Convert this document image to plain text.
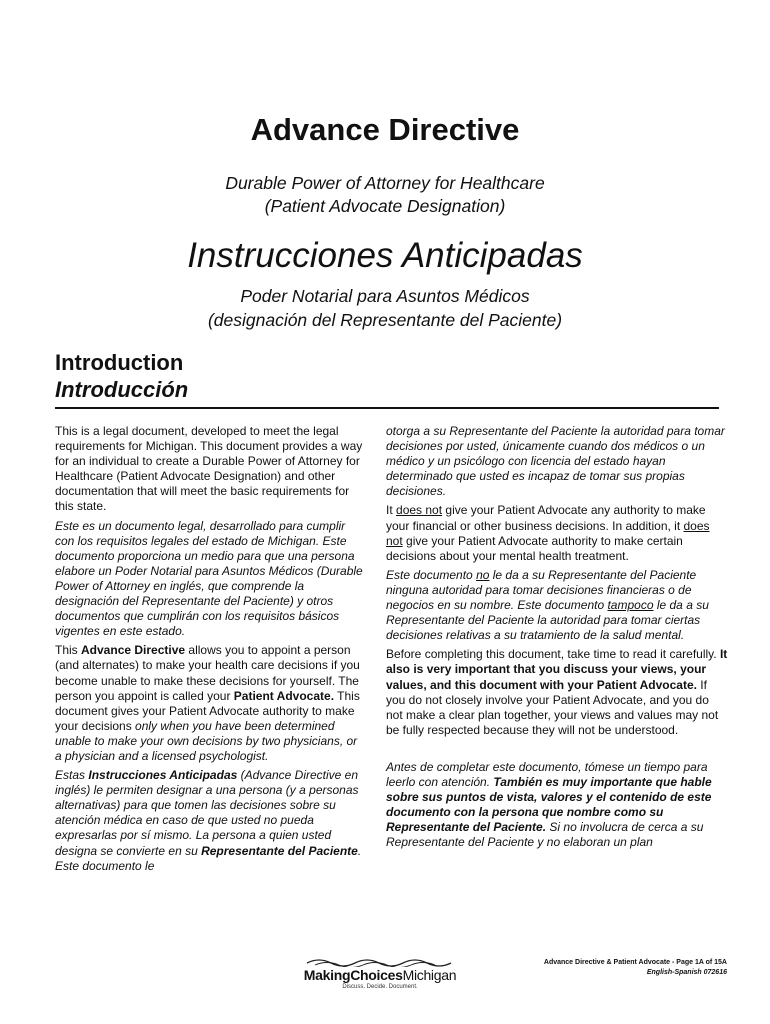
Advance Directive
Durable Power of Attorney for Healthcare
(Patient Advocate Designation)
Instrucciones Anticipadas
Poder Notarial para Asuntos Médicos
(designación del Representante del Paciente)
Introduction
Introducción

This is a legal document, developed to meet the legal requirements for Michigan. This document provides a way for an individual to create a Durable Power of Attorney for Healthcare (Patient Advocate Designation) and other documentation that will meet the basic requirements for this state.

Este es un documento legal, desarrollado para cumplir con los requisitos legales del estado de Michigan. Este documento proporciona un medio para que una persona elabore un Poder Notarial para Asuntos Médicos (Durable Power of Attorney en inglés, que comprende la designación del Representante del Paciente) y otros documentos que cumplirán con los requisitos básicos vigentes en este estado.

This Advance Directive allows you to appoint a person (and alternates) to make your health care decisions if you become unable to make these decisions for yourself. The person you appoint is called your Patient Advocate. This document gives your Patient Advocate authority to make your decisions only when you have been determined unable to make your own decisions by two physicians, or a physician and a licensed psychologist.

Estas Instrucciones Anticipadas (Advance Directive en inglés) le permiten designar a una persona (y a personas alternativas) para que tomen las decisiones sobre su atención médica en caso de que usted no pueda expresarlas por sí mismo. La persona a quien usted designa se convierte en su Representante del Paciente. Este documento le

otorga a su Representante del Paciente la autoridad para tomar decisiones por usted, únicamente cuando dos médicos o un médico y un psicólogo con licencia del estado hayan determinado que usted es incapaz de tomar sus propias decisiones.

It does not give your Patient Advocate any authority to make your financial or other business decisions. In addition, it does not give your Patient Advocate authority to make certain decisions about your mental health treatment.

Este documento no le da a su Representante del Paciente ninguna autoridad para tomar decisiones financieras o de negocios en su nombre. Este documento tampoco le da a su Representante del Paciente la autoridad para tomar ciertas decisiones relativas a su tratamiento de la salud mental.

Before completing this document, take time to read it carefully. It also is very important that you discuss your views, your values, and this document with your Patient Advocate. If you do not closely involve your Patient Advocate, and you do not make a clear plan together, your views and values may not be fully respected because they will not be understood.

Antes de completar este documento, tómese un tiempo para leerlo con atención. También es muy importante que hable sobre sus puntos de vista, valores y el contenido de este documento con la persona que nombre como su Representante del Paciente. Si no involucra de cerca a su Representante del Paciente y no elaboran un plan

MakingChoicesMichigan
Discuss. Decide. Document.
Advance Directive & Patient Advocate - Page 1A of 15A
English-Spanish 072616
